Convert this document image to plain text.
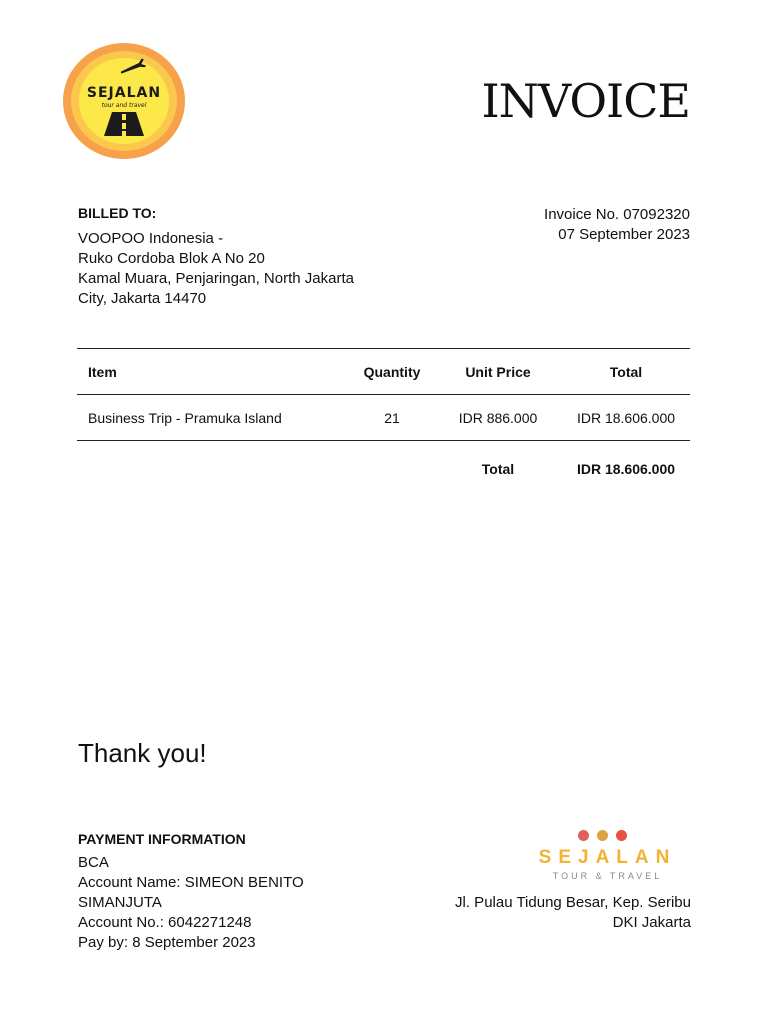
SEJALAN
tour and travel	INVOICE
BILLED TO:
VOOPOO Indonesia -
Ruko Cordoba Blok A No 20
Kamal Muara, Penjaringan, North Jakarta
City, Jakarta 14470
Invoice No. 07092320
07 September 2023
Item	Quantity	Unit Price	Total
Business Trip - Pramuka Island	21	IDR 886.000	IDR 18.606.000
Total	IDR 18.606.000
Thank you!
PAYMENT INFORMATION
BCA
Account Name: SIMEON BENITO
SIMANJUTA
Account No.: 6042271248
Pay by: 8 September 2023
SEJALAN
TOUR & TRAVEL
Jl. Pulau Tidung Besar, Kep. Seribu
DKI Jakarta
